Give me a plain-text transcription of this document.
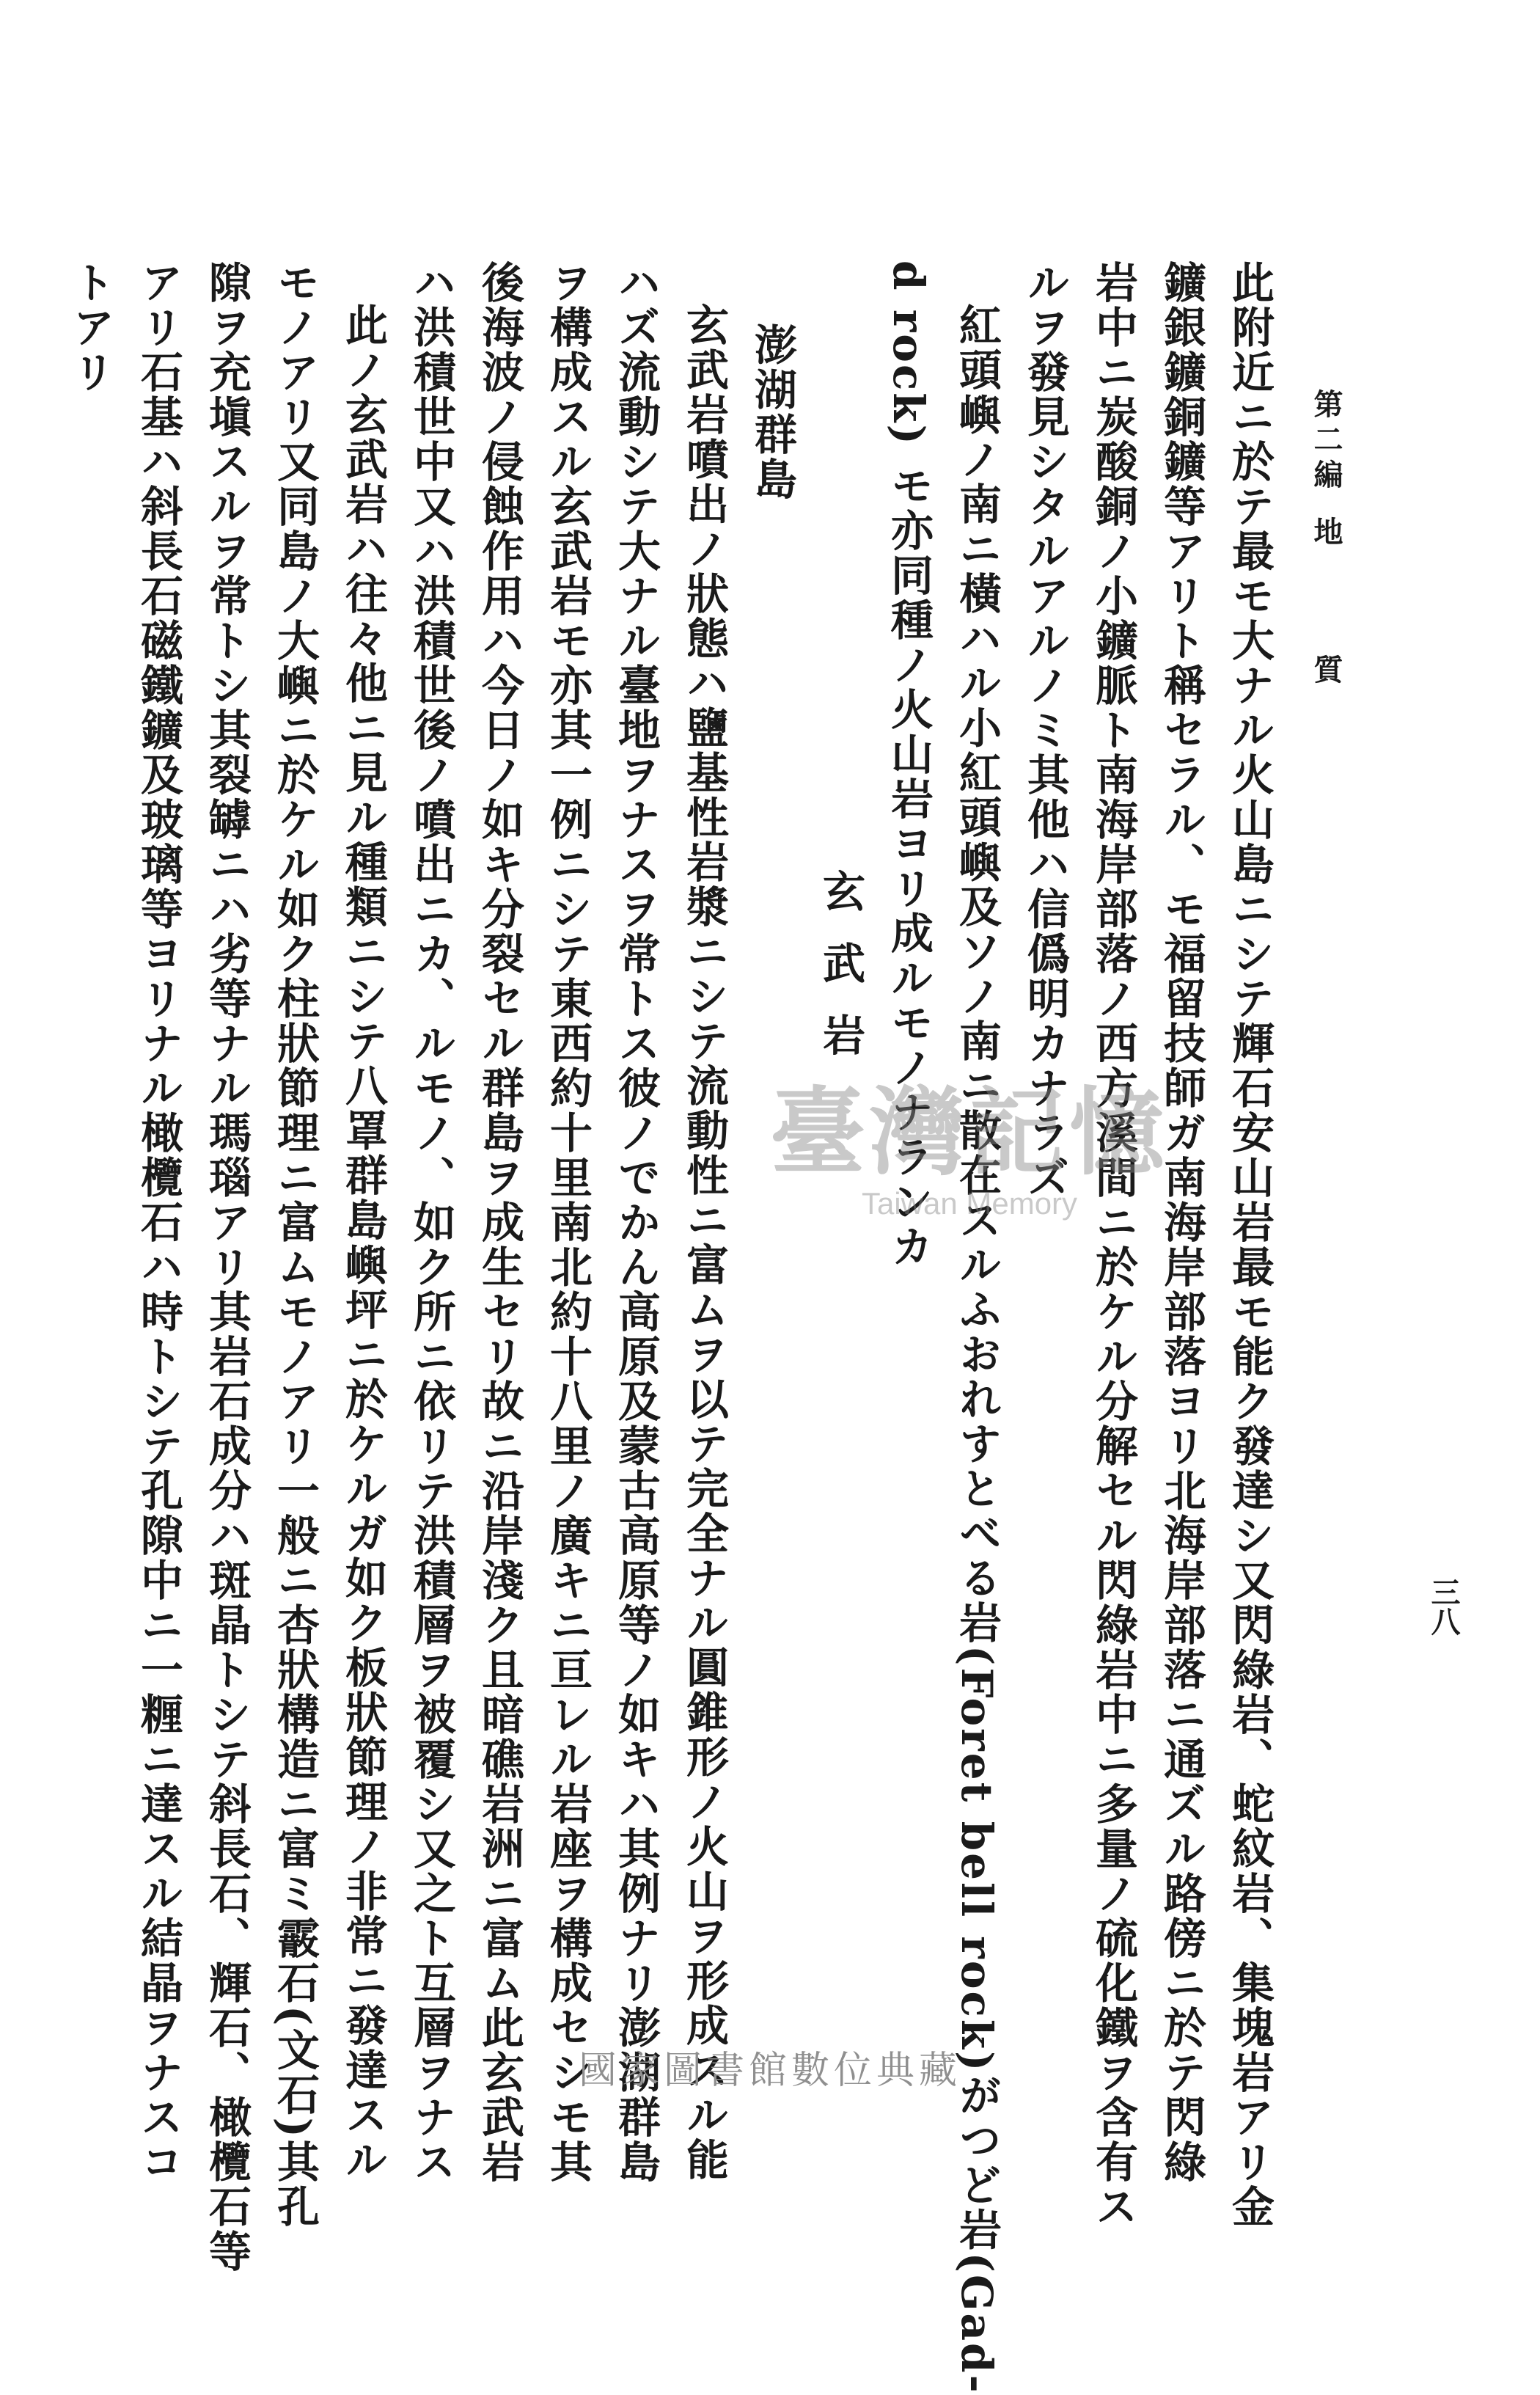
第二編地質
三八
此附近ニ於テ最モ大ナル火山島ニシテ輝石安山岩最モ能ク發達シ又閃綠岩、蛇紋岩、集塊岩アリ金
鑛銀鑛銅鑛等アリト稱セラル、モ福留技師ガ南海岸部落ヨリ北海岸部落ニ通ズル路傍ニ於テ閃綠
岩中ニ炭酸銅ノ小鑛脈ト南海岸部落ノ西方溪間ニ於ケル分解セル閃綠岩中ニ多量ノ硫化鐵ヲ含有ス
ルヲ發見シタルアルノミ其他ハ信僞明カナラズ
紅頭嶼ノ南ニ橫ハル小紅頭嶼及ソノ南ニ散在スルふおれすとべる岩(Foret bell rock)がつど岩(Gad-
d rock) モ亦同種ノ火山岩ヨリ成ルモノナランカ
玄武岩
澎湖群島
玄武岩噴出ノ狀態ハ鹽基性岩漿ニシテ流動性ニ富ムヲ以テ完全ナル圓錐形ノ火山ヲ形成スル能
ハズ流動シテ大ナル臺地ヲナスヲ常トス彼ノでかん高原及蒙古高原等ノ如キハ其例ナリ澎湖群島
ヲ構成スル玄武岩モ亦其一例ニシテ東西約十里南北約十八里ノ廣キニ亘レル岩座ヲ構成セシモ其
後海波ノ侵蝕作用ハ今日ノ如キ分裂セル群島ヲ成生セリ故ニ沿岸淺ク且暗礁岩洲ニ富ム此玄武岩
ハ洪積世中又ハ洪積世後ノ噴出ニカ、ルモノ、如ク所ニ依リテ洪積層ヲ被覆シ又之ト互層ヲナス
此ノ玄武岩ハ往々他ニ見ル種類ニシテ八罩群島嶼坪ニ於ケルガ如ク板狀節理ノ非常ニ發達スル
モノアリ又同島ノ大嶼ニ於ケル如ク柱狀節理ニ富ムモノアリ一般ニ杏狀構造ニ富ミ霰石(文石)其孔
隙ヲ充塡スルヲ常トシ其裂罅ニハ劣等ナル瑪瑙アリ其岩石成分ハ斑晶トシテ斜長石、輝石、橄欖石等
アリ石基ハ斜長石磁鐵鑛及玻璃等ヨリナル橄欖石ハ時トシテ孔隙中ニ一糎ニ達スル結晶ヲナスコ
トアリ
臺灣記憶
Taiwan Memory
國家圖書館數位典藏
